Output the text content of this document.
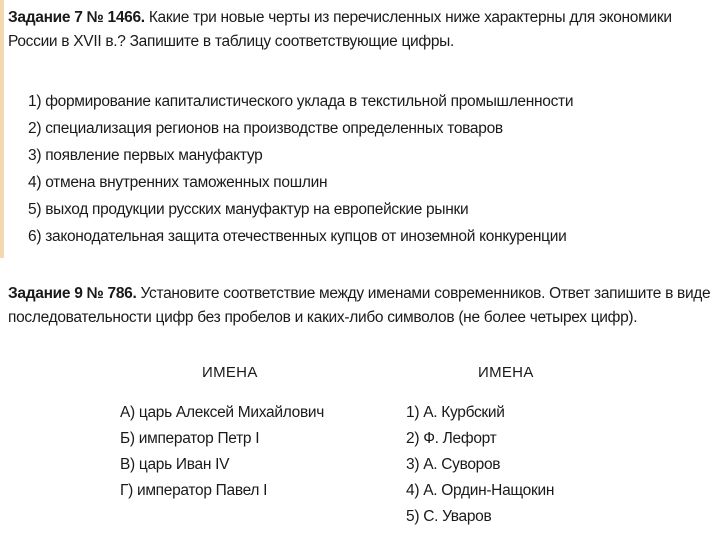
Задание 7 № 1466. Какие три новые черты из перечисленных ниже характерны для экономики России в XVII в.? Запишите в таблицу соответствующие цифры.

1) формирование капиталистического уклада в текстильной промышленности
2) специализация регионов на производстве определенных товаров
3) появление первых мануфактур
4) отмена внутренних таможенных пошлин
5) выход продукции русских мануфактур на европейские рынки
6) законодательная защита отечественных купцов от иноземной конкуренции

Задание 9 № 786. Установите соответствие между именами современников. Ответ запишите в виде последовательности цифр без пробелов и каких-либо символов (не более четырех цифр).

ИМЕНА	ИМЕНА
А) царь Алексей Михайлович
Б) император Петр I
В) царь Иван IV
Г) император Павел I
1) А. Курбский
2) Ф. Лефорт
3) А. Суворов
4) А. Ордин-Нащокин
5) С. Уваров
